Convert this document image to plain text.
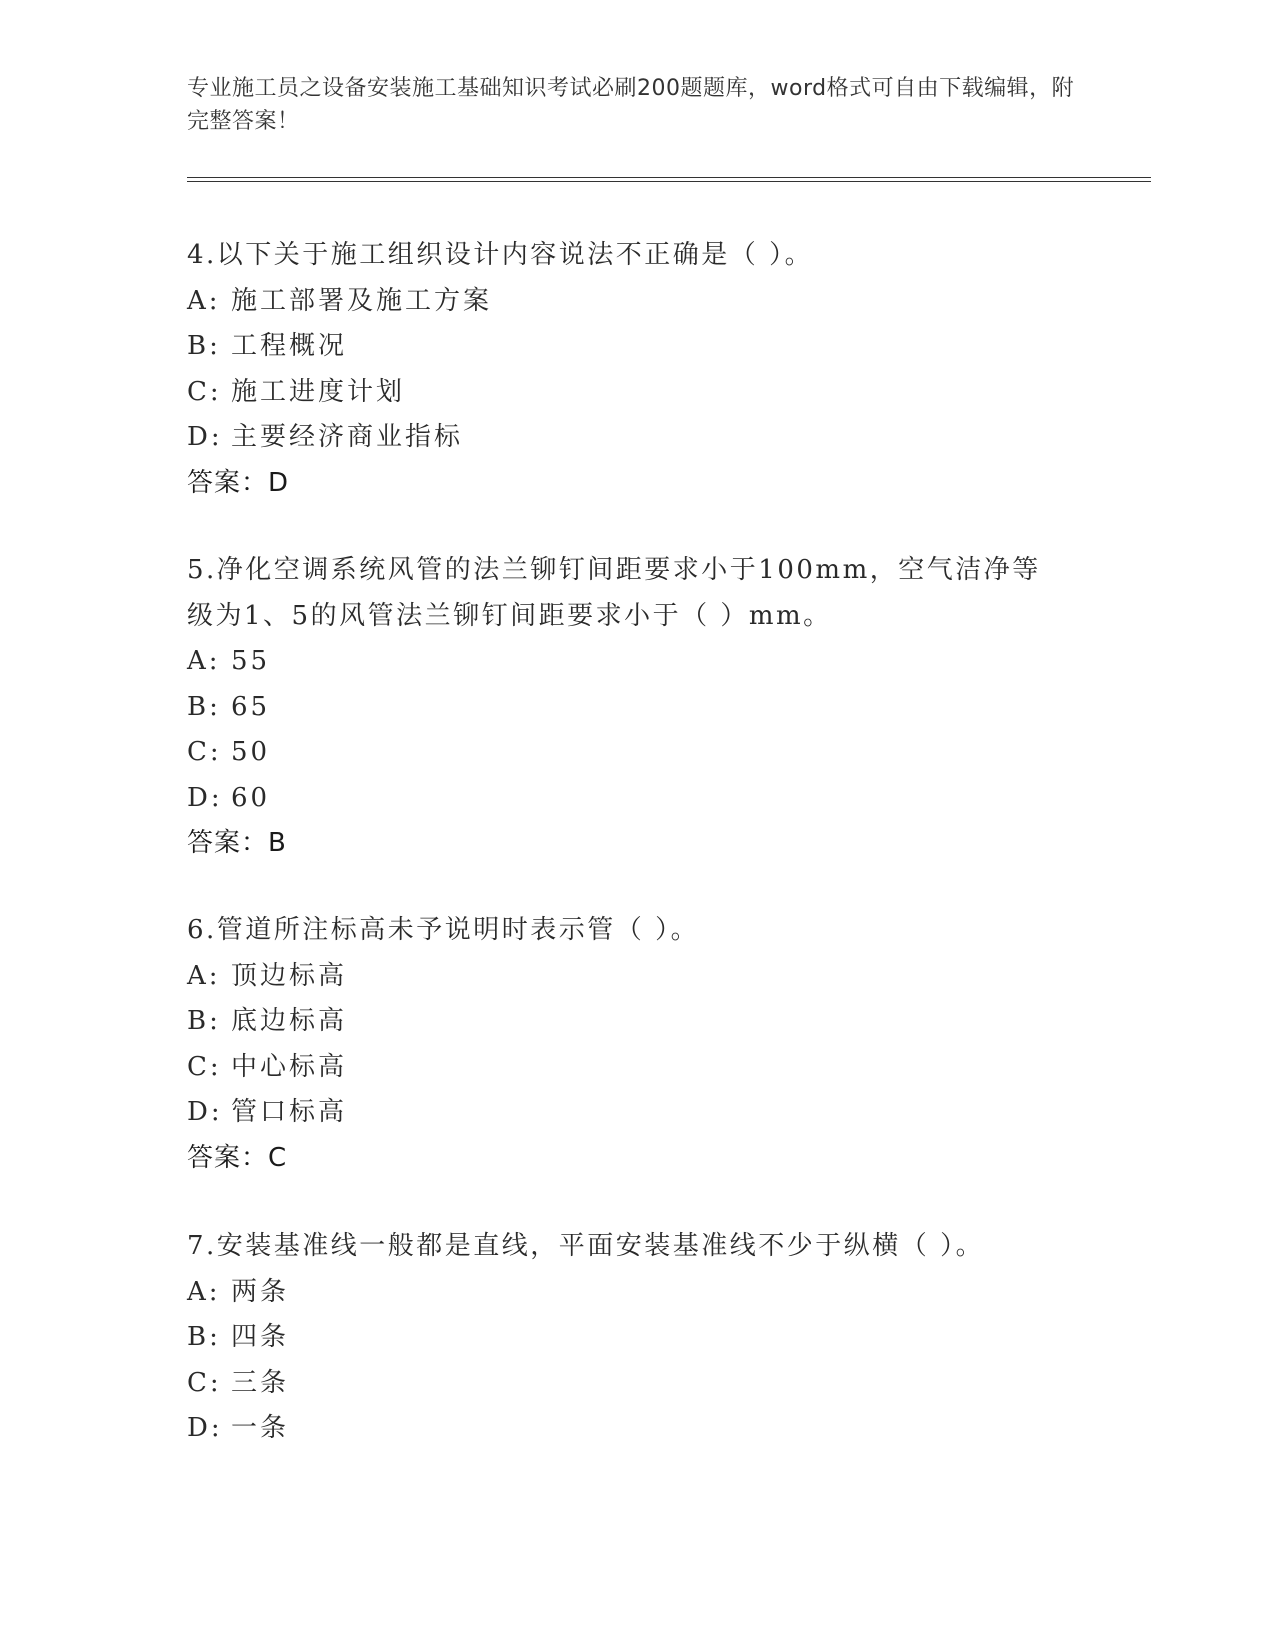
专业施工员之设备安装施工基础知识考试必刷200题题库，word格式可自由下载编辑，附完整答案！
4.以下关于施工组织设计内容说法不正确是（ ）。
A: 施工部署及施工方案
B: 工程概况
C: 施工进度计划
D: 主要经济商业指标
答案：D
5.净化空调系统风管的法兰铆钉间距要求小于100mm，空气洁净等级为1、5的风管法兰铆钉间距要求小于（ ）mm。
A: 55
B: 65
C: 50
D: 60
答案：B
6.管道所注标高未予说明时表示管（ ）。
A: 顶边标高
B: 底边标高
C: 中心标高
D: 管口标高
答案：C
7.安装基准线一般都是直线，平面安装基准线不少于纵横（ ）。
A: 两条
B: 四条
C: 三条
D: 一条
